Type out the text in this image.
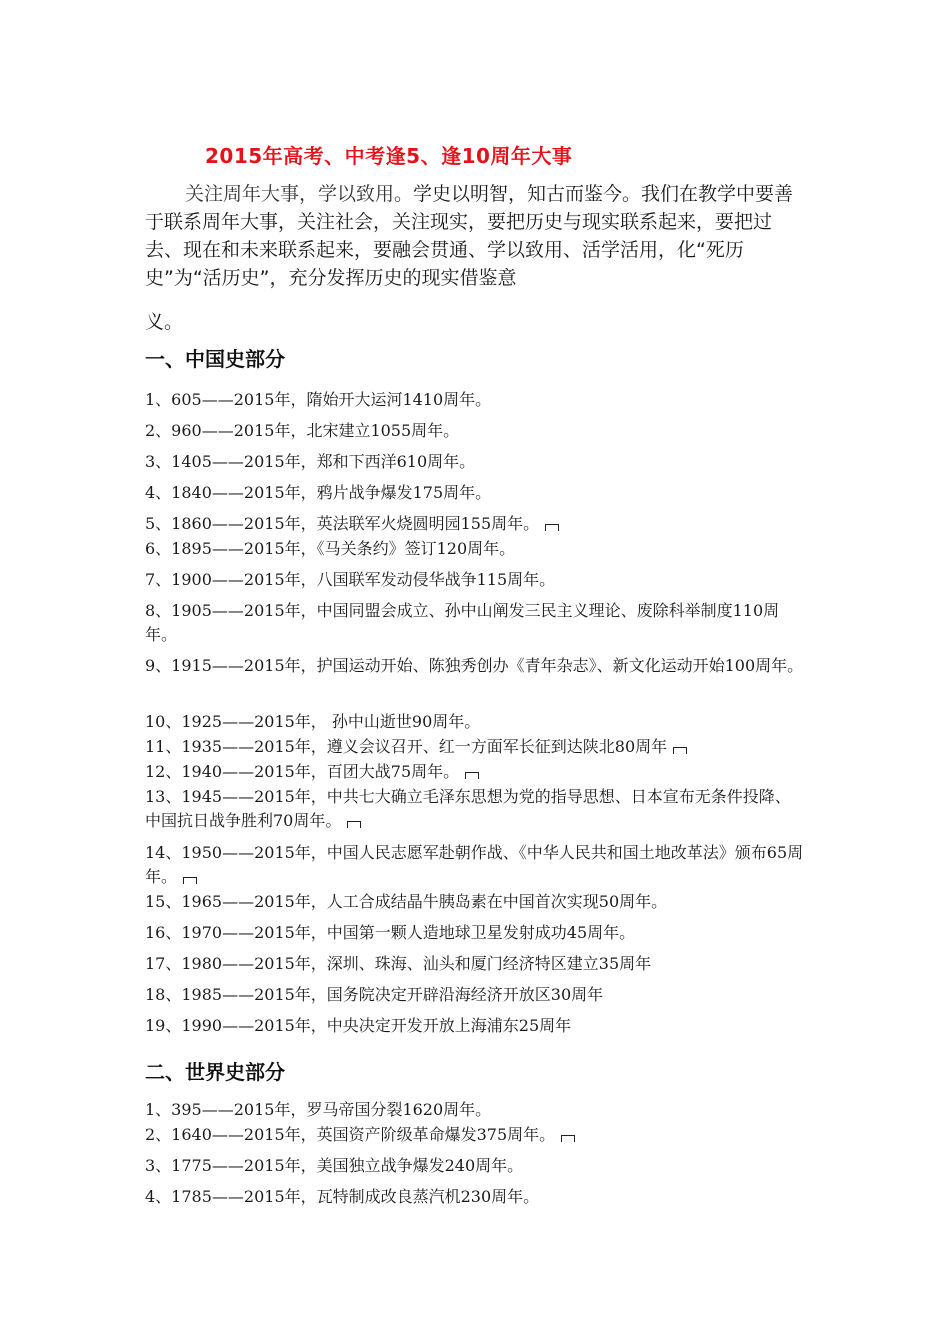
2015年高考、中考逢5、逢10周年大事

关注周年大事，学以致用。学史以明智，知古而鉴今。我们在教学中要善于联系周年大事，关注社会，关注现实，要把历史与现实联系起来，要把过去、现在和未来联系起来，要融会贯通、学以致用、活学活用，化“死历史”为“活历史”，充分发挥历史的现实借鉴意
义。

一、中国史部分
1、605——2015年，隋始开大运河1410周年。
2、960——2015年，北宋建立1055周年。
3、1405——2015年，郑和下西洋610周年。
4、1840——2015年，鸦片战争爆发175周年。
5、1860——2015年，英法联军火烧圆明园155周年。
6、1895——2015年，《马关条约》签订120周年。
7、1900——2015年，八国联军发动侵华战争115周年。
8、1905——2015年，中国同盟会成立、孙中山阐发三民主义理论、废除科举制度110周年。
9、1915——2015年，护国运动开始、陈独秀创办《青年杂志》、新文化运动开始100周年。
10、1925——2015年， 孙中山逝世90周年。
11、1935——2015年，遵义会议召开、红一方面军长征到达陕北80周年
12、1940——2015年，百团大战75周年。
13、1945——2015年，中共七大确立毛泽东思想为党的指导思想、日本宣布无条件投降、中国抗日战争胜利70周年。
14、1950——2015年，中国人民志愿军赴朝作战、《中华人民共和国土地改革法》颁布65周年。
15、1965——2015年，人工合成结晶牛胰岛素在中国首次实现50周年。
16、1970——2015年，中国第一颗人造地球卫星发射成功45周年。
17、1980——2015年，深圳、珠海、汕头和厦门经济特区建立35周年
18、1985——2015年，国务院决定开辟沿海经济开放区30周年
19、1990——2015年，中央决定开发开放上海浦东25周年
二、世界史部分
1、395——2015年，罗马帝国分裂1620周年。
2、1640——2015年，英国资产阶级革命爆发375周年。
3、1775——2015年，美国独立战争爆发240周年。
4、1785——2015年，瓦特制成改良蒸汽机230周年。
